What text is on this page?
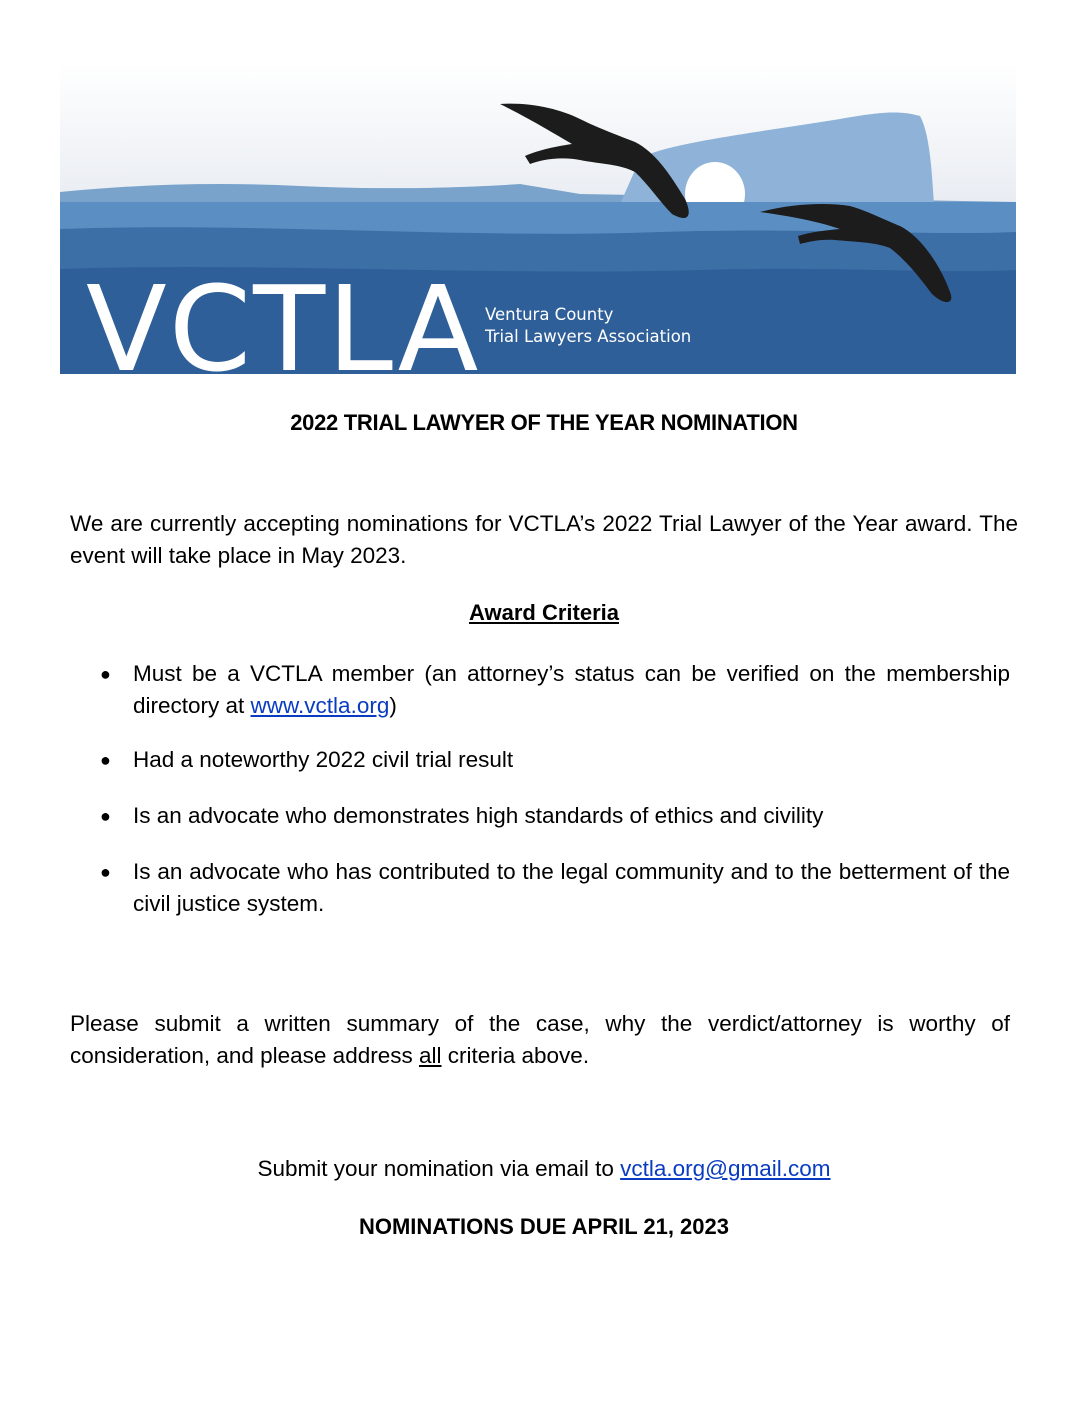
VCTLA Ventura County
Trial Lawyers Association
2022 TRIAL LAWYER OF THE YEAR NOMINATION
We are currently accepting nominations for VCTLA’s 2022 Trial Lawyer of the Year award. The event will take place in May 2023.
Award Criteria
● Must be a VCTLA member (an attorney’s status can be verified on the membership directory at www.vctla.org)
● Had a noteworthy 2022 civil trial result
● Is an advocate who demonstrates high standards of ethics and civility
● Is an advocate who has contributed to the legal community and to the betterment of the civil justice system.
Please submit a written summary of the case, why the verdict/attorney is worthy of consideration, and please address all criteria above.
Submit your nomination via email to vctla.org@gmail.com
NOMINATIONS DUE APRIL 21, 2023
